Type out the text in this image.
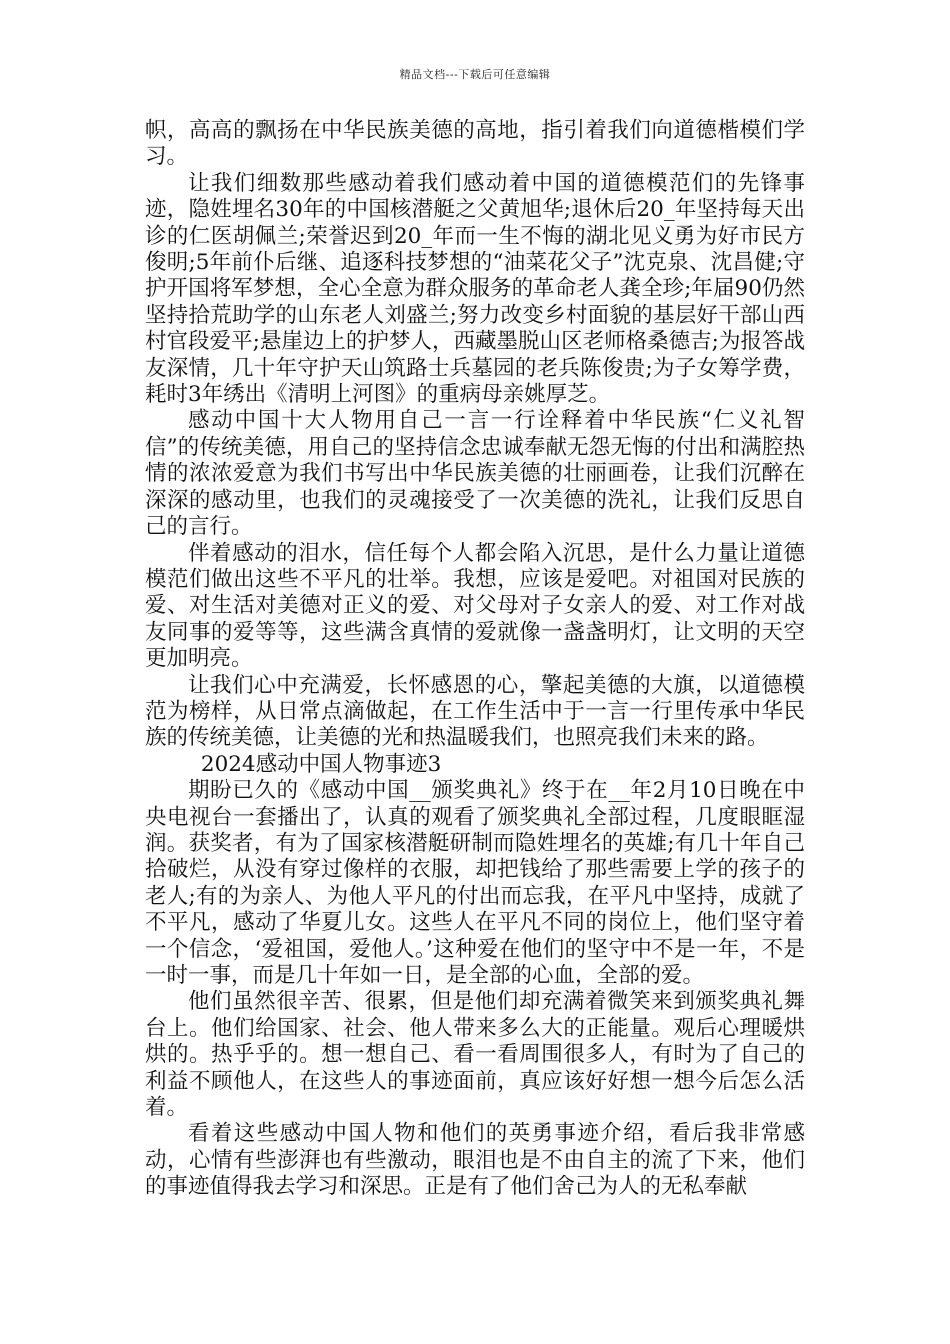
精品文档---下载后可任意编辑

帜，高高的飘扬在中华民族美德的高地，指引着我们向道德楷模们学习。

让我们细数那些感动着我们感动着中国的道德模范们的先锋事迹，隐姓埋名30年的中国核潜艇之父黄旭华;退休后20_年坚持每天出诊的仁医胡佩兰;荣誉迟到20_年而一生不悔的湖北见义勇为好市民方俊明;5年前仆后继、追逐科技梦想的“油菜花父子”沈克泉、沈昌健;守护开国将军梦想，全心全意为群众服务的革命老人龚全珍;年届90仍然坚持拾荒助学的山东老人刘盛兰;努力改变乡村面貌的基层好干部山西村官段爱平;悬崖边上的护梦人，西藏墨脱山区老师格桑德吉;为报答战友深情，几十年守护天山筑路士兵墓园的老兵陈俊贵;为子女筹学费，耗时3年绣出《清明上河图》的重病母亲姚厚芝。

感动中国十大人物用自己一言一行诠释着中华民族“仁义礼智信”的传统美德，用自己的坚持信念忠诚奉献无怨无悔的付出和满腔热情的浓浓爱意为我们书写出中华民族美德的壮丽画卷，让我们沉醉在深深的感动里，也我们的灵魂接受了一次美德的洗礼，让我们反思自己的言行。

伴着感动的泪水，信任每个人都会陷入沉思，是什么力量让道德模范们做出这些不平凡的壮举。我想，应该是爱吧。对祖国对民族的爱、对生活对美德对正义的爱、对父母对子女亲人的爱、对工作对战友同事的爱等等，这些满含真情的爱就像一盏盏明灯，让文明的天空更加明亮。

让我们心中充满爱，长怀感恩的心，擎起美德的大旗，以道德模范为榜样，从日常点滴做起，在工作生活中于一言一行里传承中华民族的传统美德，让美德的光和热温暖我们，也照亮我们未来的路。

2024感动中国人物事迹3

期盼已久的《感动中国__颁奖典礼》终于在__年2月10日晚在中央电视台一套播出了，认真的观看了颁奖典礼全部过程，几度眼眶湿润。获奖者，有为了国家核潜艇研制而隐姓埋名的英雄;有几十年自己拾破烂，从没有穿过像样的衣服，却把钱给了那些需要上学的孩子的老人;有的为亲人、为他人平凡的付出而忘我，在平凡中坚持，成就了不平凡，感动了华夏儿女。这些人在平凡不同的岗位上，他们坚守着一个信念，‘爱祖国，爱他人。’这种爱在他们的坚守中不是一年，不是一时一事，而是几十年如一日，是全部的心血，全部的爱。

他们虽然很辛苦、很累，但是他们却充满着微笑来到颁奖典礼舞台上。他们给国家、社会、他人带来多么大的正能量。观后心理暖烘烘的。热乎乎的。想一想自己、看一看周围很多人，有时为了自己的利益不顾他人，在这些人的事迹面前，真应该好好想一想今后怎么活着。

看着这些感动中国人物和他们的英勇事迹介绍，看后我非常感动，心情有些澎湃也有些激动，眼泪也是不由自主的流了下来，他们的事迹值得我去学习和深思。正是有了他们舍己为人的无私奉献
